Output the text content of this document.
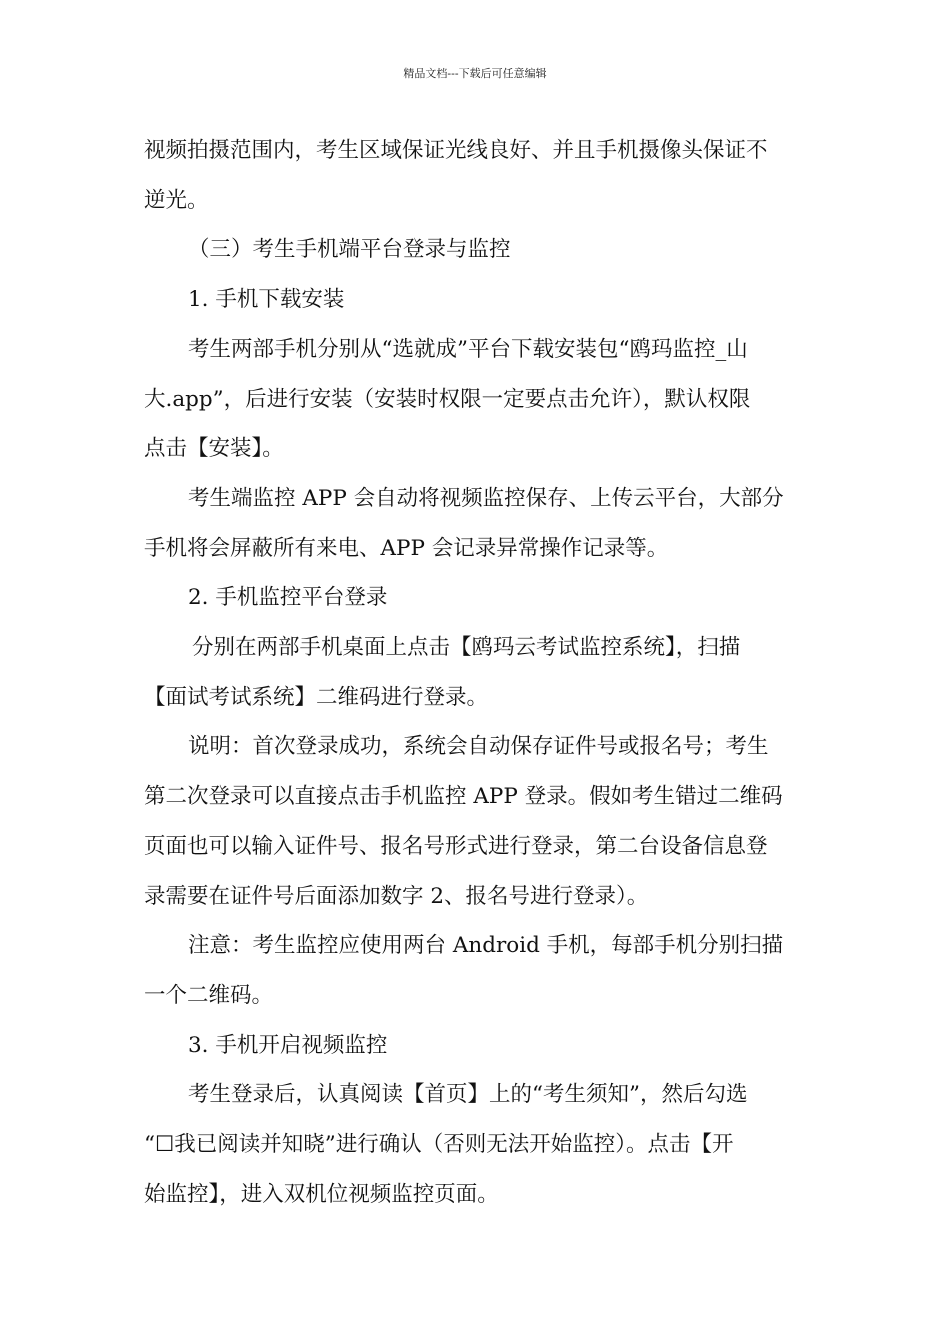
精品文档---下载后可任意编辑

视频拍摄范围内，考生区域保证光线良好、并且手机摄像头保证不

逆光。

（三）考生手机端平台登录与监控

1. 手机下载安装

考生两部手机分别从“选就成”平台下载安装包“鸥玛监控_山

大.app”，后进行安装（安装时权限一定要点击允许），默认权限

点击【安装】。

考生端监控 APP 会自动将视频监控保存、上传云平台，大部分

手机将会屏蔽所有来电、APP 会记录异常操作记录等。

2. 手机监控平台登录

分别在两部手机桌面上点击【鸥玛云考试监控系统】，扫描

【面试考试系统】二维码进行登录。

说明：首次登录成功，系统会自动保存证件号或报名号；考生

第二次登录可以直接点击手机监控 APP 登录。假如考生错过二维码

页面也可以输入证件号、报名号形式进行登录，第二台设备信息登

录需要在证件号后面添加数字 2、报名号进行登录）。

注意：考生监控应使用两台 Android 手机，每部手机分别扫描

一个二维码。

3. 手机开启视频监控

考生登录后，认真阅读【首页】上的“考生须知”，然后勾选

“☐我已阅读并知晓”进行确认（否则无法开始监控）。点击【开

始监控】，进入双机位视频监控页面。
